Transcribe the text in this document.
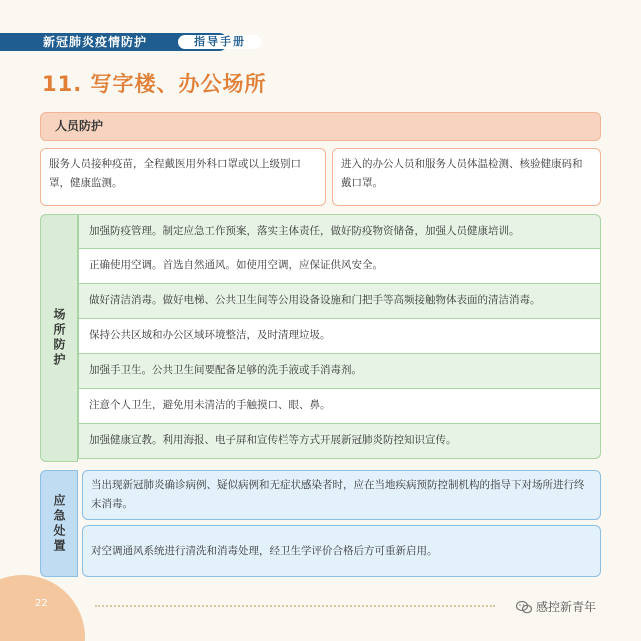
新冠肺炎疫情防护	指导手册
11. 写字楼、办公场所
人员防护
服务人员接种疫苗，全程戴医用外科口罩或以上级别口罩，健康监测。
进入的办公人员和服务人员体温检测、核验健康码和戴口罩。
场所防护
加强防疫管理。制定应急工作预案，落实主体责任，做好防疫物资储备，加强人员健康培训。
正确使用空调。首选自然通风。如使用空调，应保证供风安全。
做好清洁消毒。做好电梯、公共卫生间等公用设备设施和门把手等高频接触物体表面的清洁消毒。
保持公共区域和办公区域环境整洁，及时清理垃圾。
加强手卫生。公共卫生间要配备足够的洗手液或手消毒剂。
注意个人卫生，避免用未清洁的手触摸口、眼、鼻。
加强健康宣教。利用海报、电子屏和宣传栏等方式开展新冠肺炎防控知识宣传。
应急处置
当出现新冠肺炎确诊病例、疑似病例和无症状感染者时，应在当地疾病预防控制机构的指导下对场所进行终末消毒。
对空调通风系统进行清洗和消毒处理，经卫生学评价合格后方可重新启用。
22	感控新青年
